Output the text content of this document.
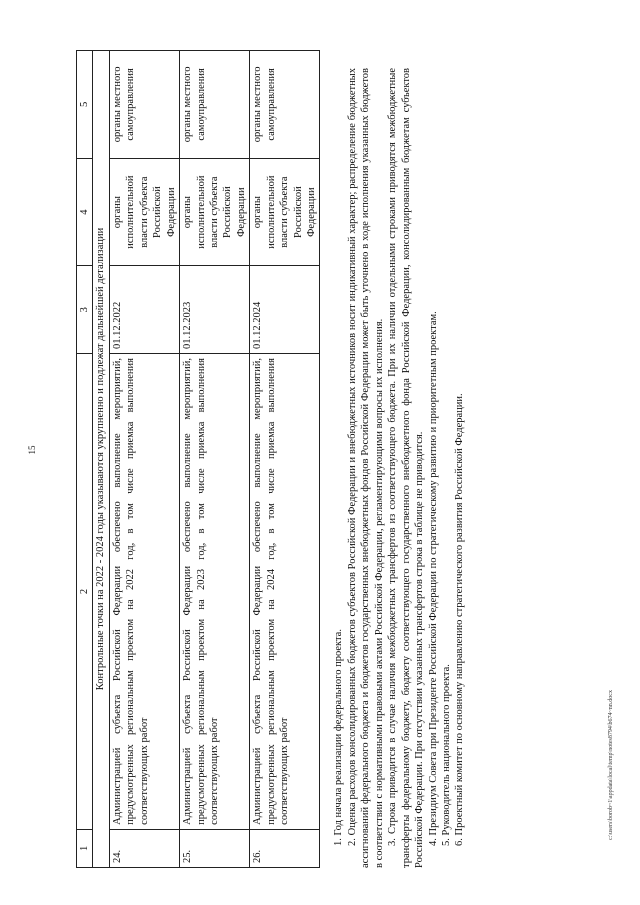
15
1	2	3	4	5
Контрольные точки на 2022 - 2024 годы указываются укрупненно и подлежат дальнейшей детализации				
24.	Администрацией субъекта Российской Федерации обеспечено выполнение мероприятий, предусмотренных региональным проектом на 2022 год, в том числе приемка выполнения соответствующих работ	01.12.2022	органы исполнительной власти субъекта Российской Федерации	органы местного самоуправления
25.	Администрацией субъекта Российской Федерации обеспечено выполнение мероприятий, предусмотренных региональным проектом на 2023 год, в том числе приемка выполнения соответствующих работ	01.12.2023	органы исполнительной власти субъекта Российской Федерации	органы местного самоуправления
26.	Администрацией субъекта Российской Федерации обеспечено выполнение мероприятий, предусмотренных региональным проектом на 2024 год, в том числе приемка выполнения соответствующих работ	01.12.2024	органы исполнительной власти субъекта Российской Федерации	органы местного самоуправления

1. Год начала реализации федерального проекта. 2. Оценка расходов консолидированных бюджетов субъектов Российской Федерации и внебюджетных источников носит индикативный характер; распределение бюджетных ассигнований федерального бюджета и бюджетов государственных внебюджетных фондов Российской Федерации может быть уточнено в ходе исполнения указанных бюджетов в соответствии с нормативными правовыми актами Российской Федерации, регламентирующими вопросы их исполнения. 3. Строка приводится в случае наличия межбюджетных трансфертов из соответствующего бюджета. При их наличии отдельными строками приводятся межбюджетные трансферты федеральному бюджету, бюджету соответствующего государственного внебюджетного фонда Российской Федерации, консолидированным бюджетам субъектов Российской Федерации. При отсутствии указанных трансфертов строка в таблице не приводится. 4. Президиум Совета при Президенте Российской Федерации по стратегическому развитию и приоритетным проектам. 5. Руководитель национального проекта. 6. Проектный комитет по основному направлению стратегического развития Российской Федерации.	c:\users\borob~1\appdata\local\temp\notes8794\b674~nn.docx
